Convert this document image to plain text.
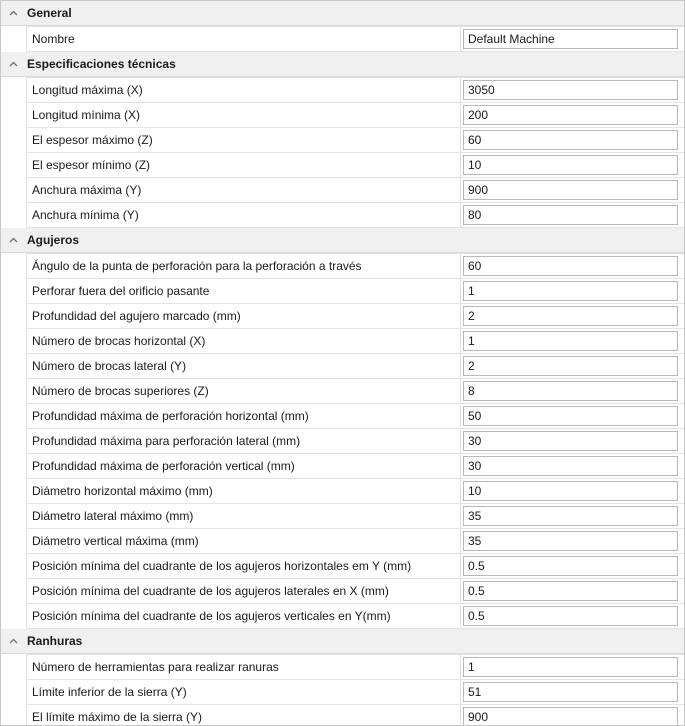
General
Nombre
Default Machine
Especificaciones técnicas
Longitud máxima (X)
3050
Longitud mínima (X)
200
El espesor máximo (Z)
60
El espesor mínimo (Z)
10
Anchura máxima (Y)
900
Anchura mínima (Y)
80
Agujeros
Ángulo de la punta de perforación para la perforación a través
60
Perforar fuera del orificio pasante
1
Profundidad del agujero marcado (mm)
2
Número de brocas horizontal (X)
1
Número de brocas lateral (Y)
2
Número de brocas superiores (Z)
8
Profundidad máxima de perforación horizontal (mm)
50
Profundidad máxima para perforación lateral (mm)
30
Profundidad máxima de perforación vertical (mm)
30
Diámetro horizontal máximo (mm)
10
Diámetro lateral máximo (mm)
35
Diámetro vertical máxima (mm)
35
Posición mínima del cuadrante de los agujeros horizontales em Y (mm)
0.5
Posición mínima del cuadrante de los agujeros laterales en X (mm)
0.5
Posición mínima del cuadrante de los agujeros verticales en Y(mm)
0.5
Ranhuras
Número de herramientas para realizar ranuras
1
Límite inferior de la sierra (Y)
51
El límite máximo de la sierra (Y)
900
